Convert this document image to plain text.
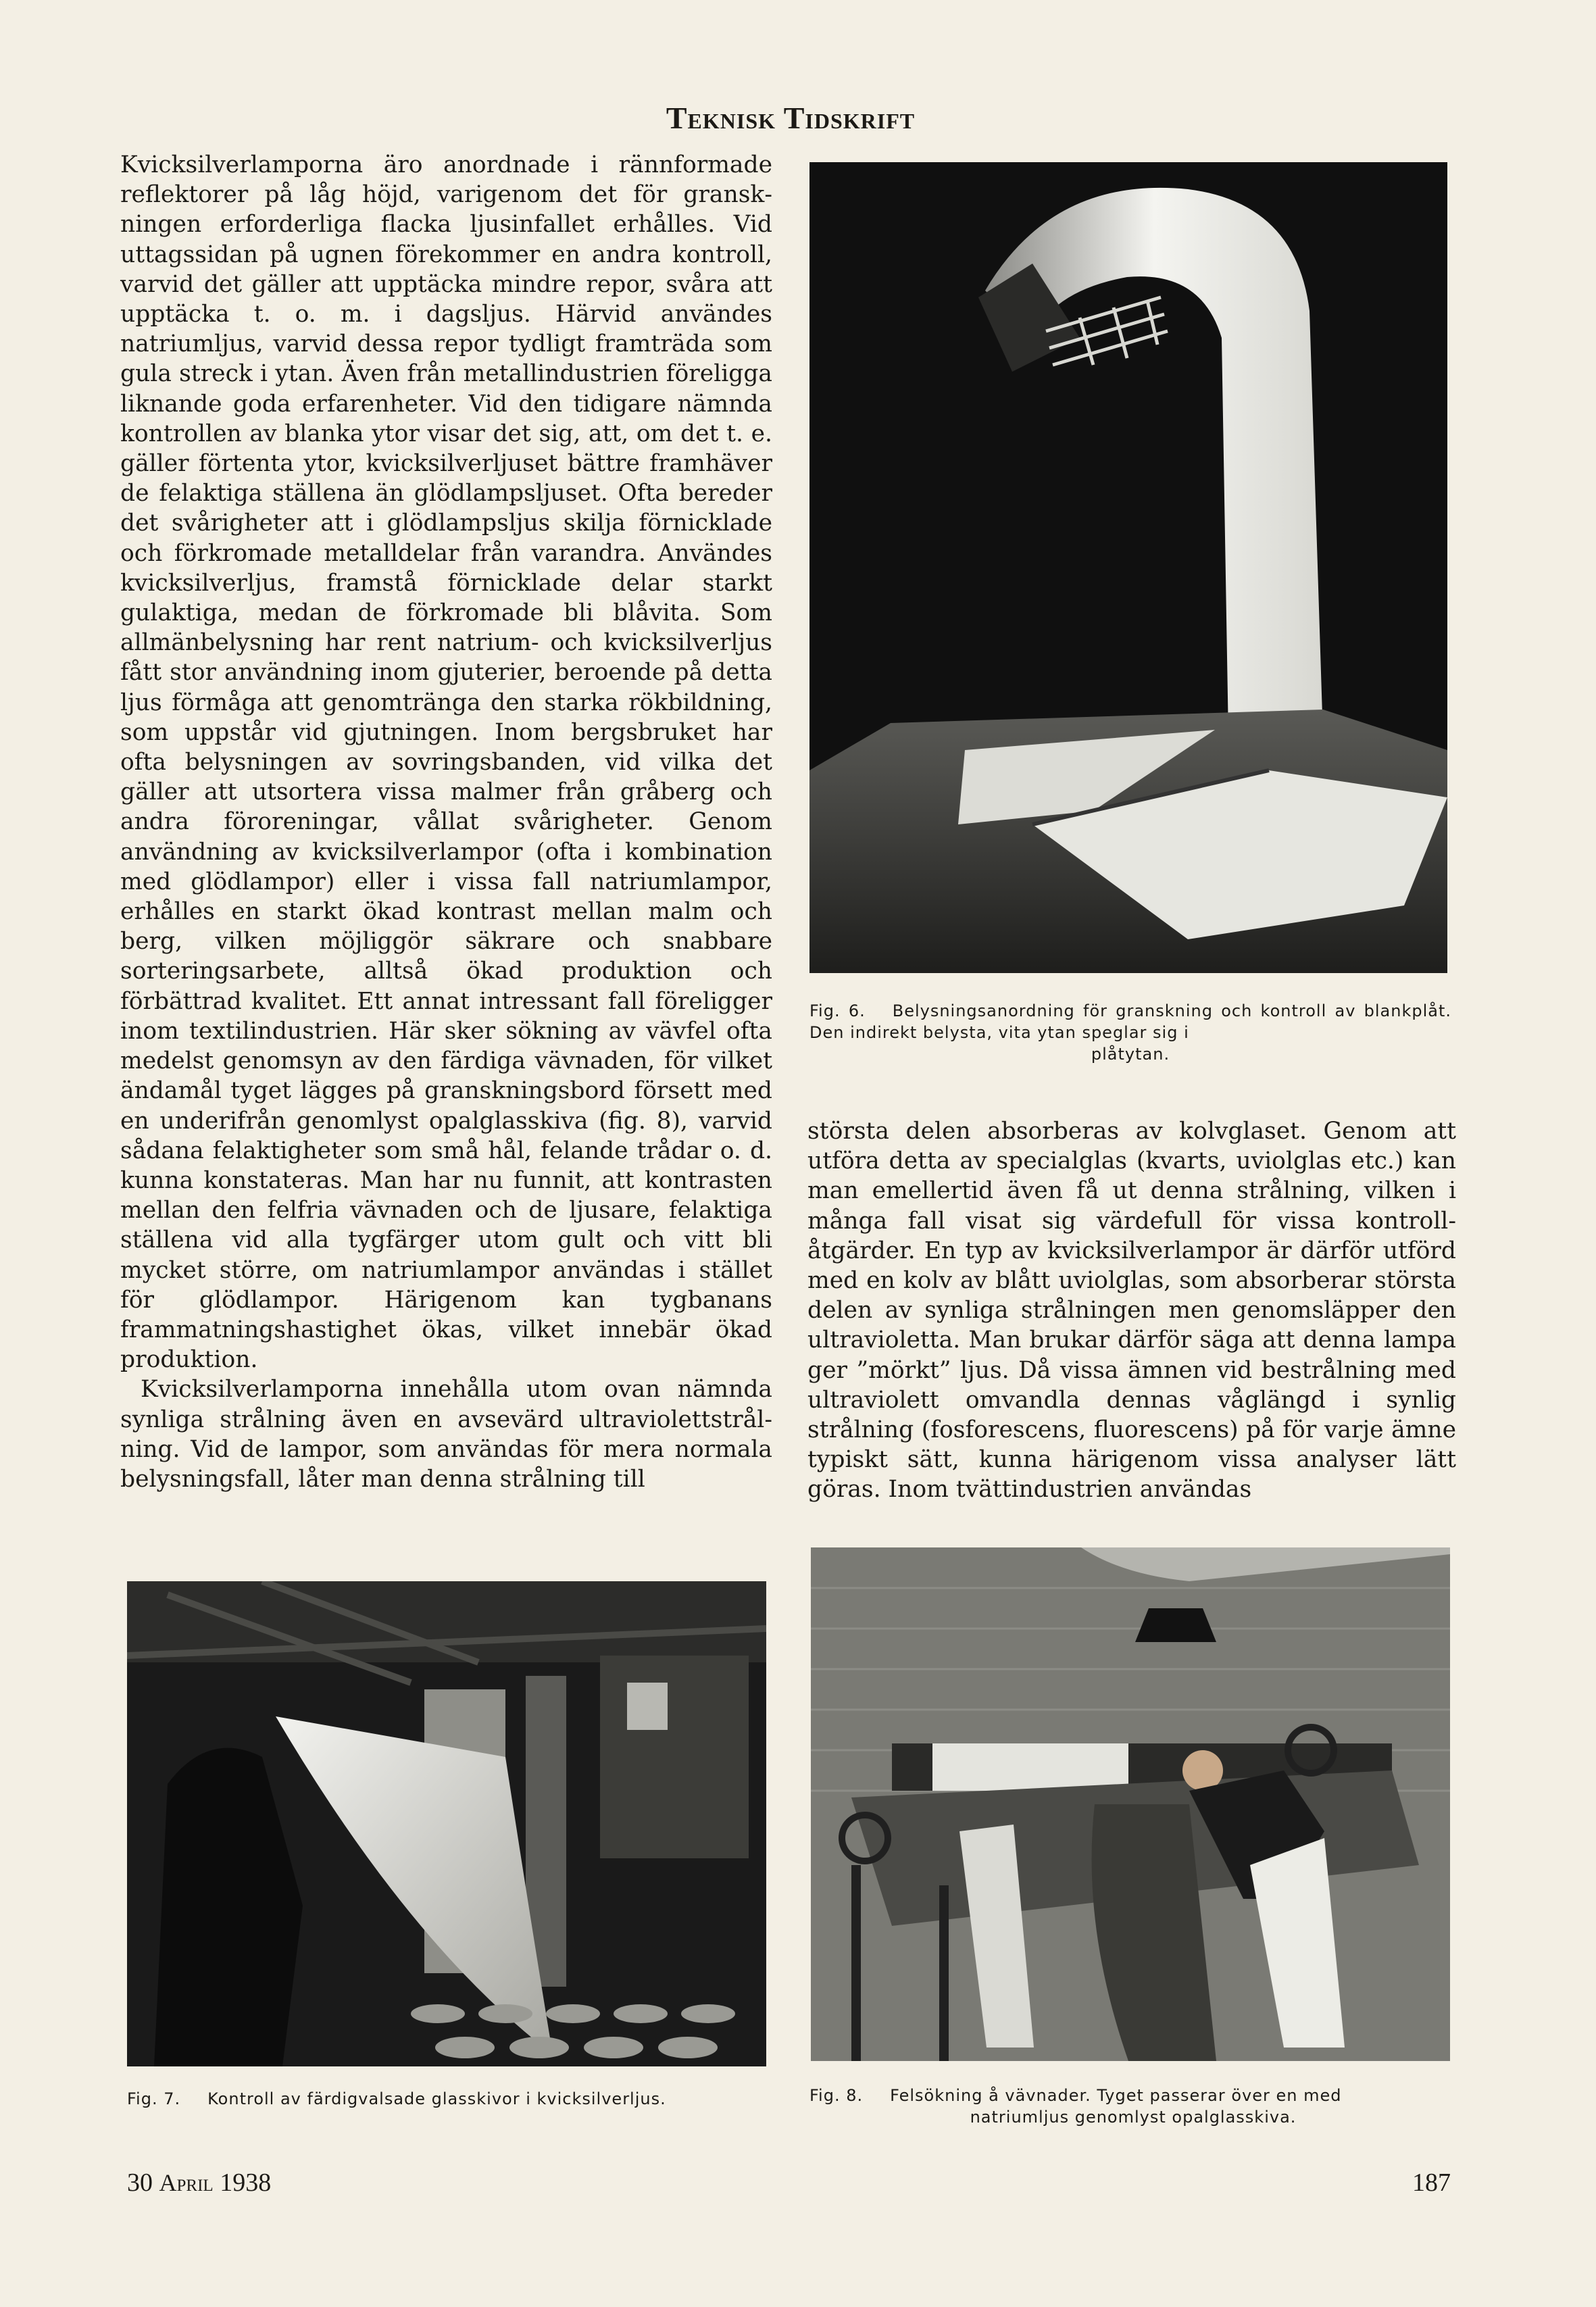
Teknisk Tidskrift

Kvicksilverlamporna äro anordnade i rännformade reflektorer på låg höjd, varigenom det för granskningen erforderliga flacka ljusinfallet erhålles. Vid uttagssidan på ugnen förekommer en andra kontroll, varvid det gäller att upptäcka mindre repor, svåra att upptäcka t. o. m. i dagsljus. Härvid användes natriumljus, varvid dessa repor tydligt framträda som gula streck i ytan. Även från metallindustrien föreligga liknande goda erfarenheter. Vid den tidigare nämnda kontrollen av blanka ytor visar det sig, att, om det t. e. gäller förtenta ytor, kvicksilverljuset bättre framhäver de felaktiga ställena än glödlampsljuset. Ofta bereder det svårigheter att i glödlampsljus skilja förnicklade och förkromade metalldelar från varandra. Användes kvicksilverljus, framstå förnicklade delar starkt gulaktiga, medan de förkromade bli blåvita. Som allmänbelysning har rent natrium- och kvicksilverljus fått stor användning inom gjuterier, beroende på detta ljus förmåga att genomtränga den starka rökbildning, som uppstår vid gjutningen. Inom bergsbruket har ofta belysningen av sovringsbanden, vid vilka det gäller att utsortera vissa malmer från gråberg och andra föroreningar, vållat svårigheter. Genom användning av kvicksilverlampor (ofta i kombination med glödlampor) eller i vissa fall natriumlampor, erhålles en starkt ökad kontrast mellan malm och berg, vilken möjliggör säkrare och snabbare sorteringsarbete, alltså ökad produktion och förbättrad kvalitet. Ett annat intressant fall föreligger inom textilindustrien. Här sker sökning av vävfel ofta medelst genomsyn av den färdiga vävnaden, för vilket ändamål tyget lägges på granskningsbord försett med en underifrån genomlyst opalglasskiva (fig. 8), varvid sådana felaktigheter som små hål, felande trådar o. d. kunna konstateras. Man har nu funnit, att kontrasten mellan den felfria vävnaden och de ljusare, felaktiga ställena vid alla tygfärger utom gult och vitt bli mycket större, om natriumlampor användas i stället för glödlampor. Härigenom kan tygbanans frammatningshastighet ökas, vilket innebär ökad produktion.

Kvicksilverlamporna innehålla utom ovan nämnda synliga strålning även en avsevärd ultraviolettstrålning. Vid de lampor, som användas för mera normala belysningsfall, låter man denna strålning till

Fig. 6. Belysningsanordning för granskning och kontroll av blankplåt. Den indirekt belysta, vita ytan speglar sig i
plåtytan.

största delen absorberas av kolvglaset. Genom att utföra detta av specialglas (kvarts, uviolglas etc.) kan man emellertid även få ut denna strålning, vilken i många fall visat sig värdefull för vissa kontrollåtgärder. En typ av kvicksilverlampor är därför utförd med en kolv av blått uviolglas, som absorberar största delen av synliga strålningen men genomsläpper den ultravioletta. Man brukar därför säga att denna lampa ger ”mörkt” ljus. Då vissa ämnen vid bestrålning med ultraviolett omvandla dennas våglängd i synlig strålning (fosforescens, fluorescens) på för varje ämne typiskt sätt, kunna härigenom vissa analyser lätt göras. Inom tvättindustrien användas

Fig. 7. Kontroll av färdigvalsade glasskivor i kvicksilverljus.	Fig. 8. Felsökning å vävnader. Tyget passerar över en med
natriumljus genomlyst opalglasskiva.
30 April 1938	187
